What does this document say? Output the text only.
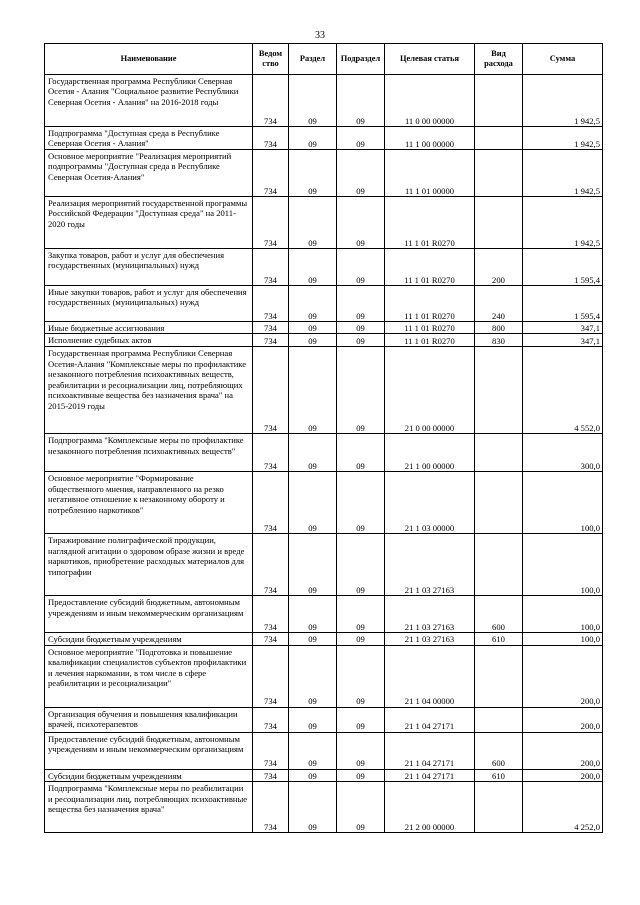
33
Наименование	Ведом ство	Раздел	Подраздел	Целевая статья	Вид расхода	Сумма
Государственная программа Республики Северная Осетия - Алания "Социальное развитие Республики Северная Осетия - Алания" на 2016-2018 годы	734	09	09	11 0 00 00000		1 942,5
Подпрограмма "Доступная среда в Республике Северная Осетия - Алания"	734	09	09	11 1 00 00000		1 942,5
Основное мероприятие "Реализация мероприятий подпрограммы "Доступная среда в Республике Северная Осетия-Алания"	734	09	09	11 1 01 00000		1 942,5
Реализация мероприятий государственной программы Российской Федерации "Доступная среда" на 2011-2020 годы	734	09	09	11 1 01 R0270		1 942,5
Закупка товаров, работ и услуг для обеспечения государственных (муниципальных) нужд	734	09	09	11 1 01 R0270	200	1 595,4
Иные закупки товаров, работ и услуг для обеспечения государственных (муниципальных) нужд	734	09	09	11 1 01 R0270	240	1 595,4
Иные бюджетные ассигнования	734	09	09	11 1 01 R0270	800	347,1
Исполнение судебных актов	734	09	09	11 1 01 R0270	830	347,1
Государственная программа Республики Северная Осетия-Алания "Комплексные меры по профилактике незаконного потребления психоактивных веществ, реабилитации и ресоциализации лиц, потребляющих психоактивные вещества без назначения врача" на 2015-2019 годы	734	09	09	21 0 00 00000		4 552,0
Подпрограмма "Комплексные меры по профилактике незаконного потребления психоактивных веществ"	734	09	09	21 1 00 00000		300,0
Основное мероприятие "Формирование общественного мнения, направленного на резко негативное отношение к незаконному обороту и потреблению наркотиков"	734	09	09	21 1 03 00000		100,0
Тиражирование полиграфической продукции, наглядной агитации о здоровом образе жизни и вреде наркотиков, приобретение расходных материалов для типографии	734	09	09	21 1 03 27163		100,0
Предоставление субсидий бюджетным, автономным учреждениям и иным некоммерческим организациям	734	09	09	21 1 03 27163	600	100,0
Субсидии бюджетным учреждениям	734	09	09	21 1 03 27163	610	100,0
Основное мероприятие "Подготовка и повышение квалификации специалистов субъектов профилактики и лечения наркомании, в том числе в сфере реабилитации и ресоциализации"	734	09	09	21 1 04 00000		200,0
Организация обучения и повышения квалификации врачей, психотерапевтов	734	09	09	21 1 04 27171		200,0
Предоставление субсидий бюджетным, автономным учреждениям и иным некоммерческим организациям	734	09	09	21 1 04 27171	600	200,0
Субсидии бюджетным учреждениям	734	09	09	21 1 04 27171	610	200,0
Подпрограмма "Комплексные меры по реабилитации и ресоциализации лиц, потребляющих психоактивные вещества без назначения врача"	734	09	09	21 2 00 00000		4 252,0
